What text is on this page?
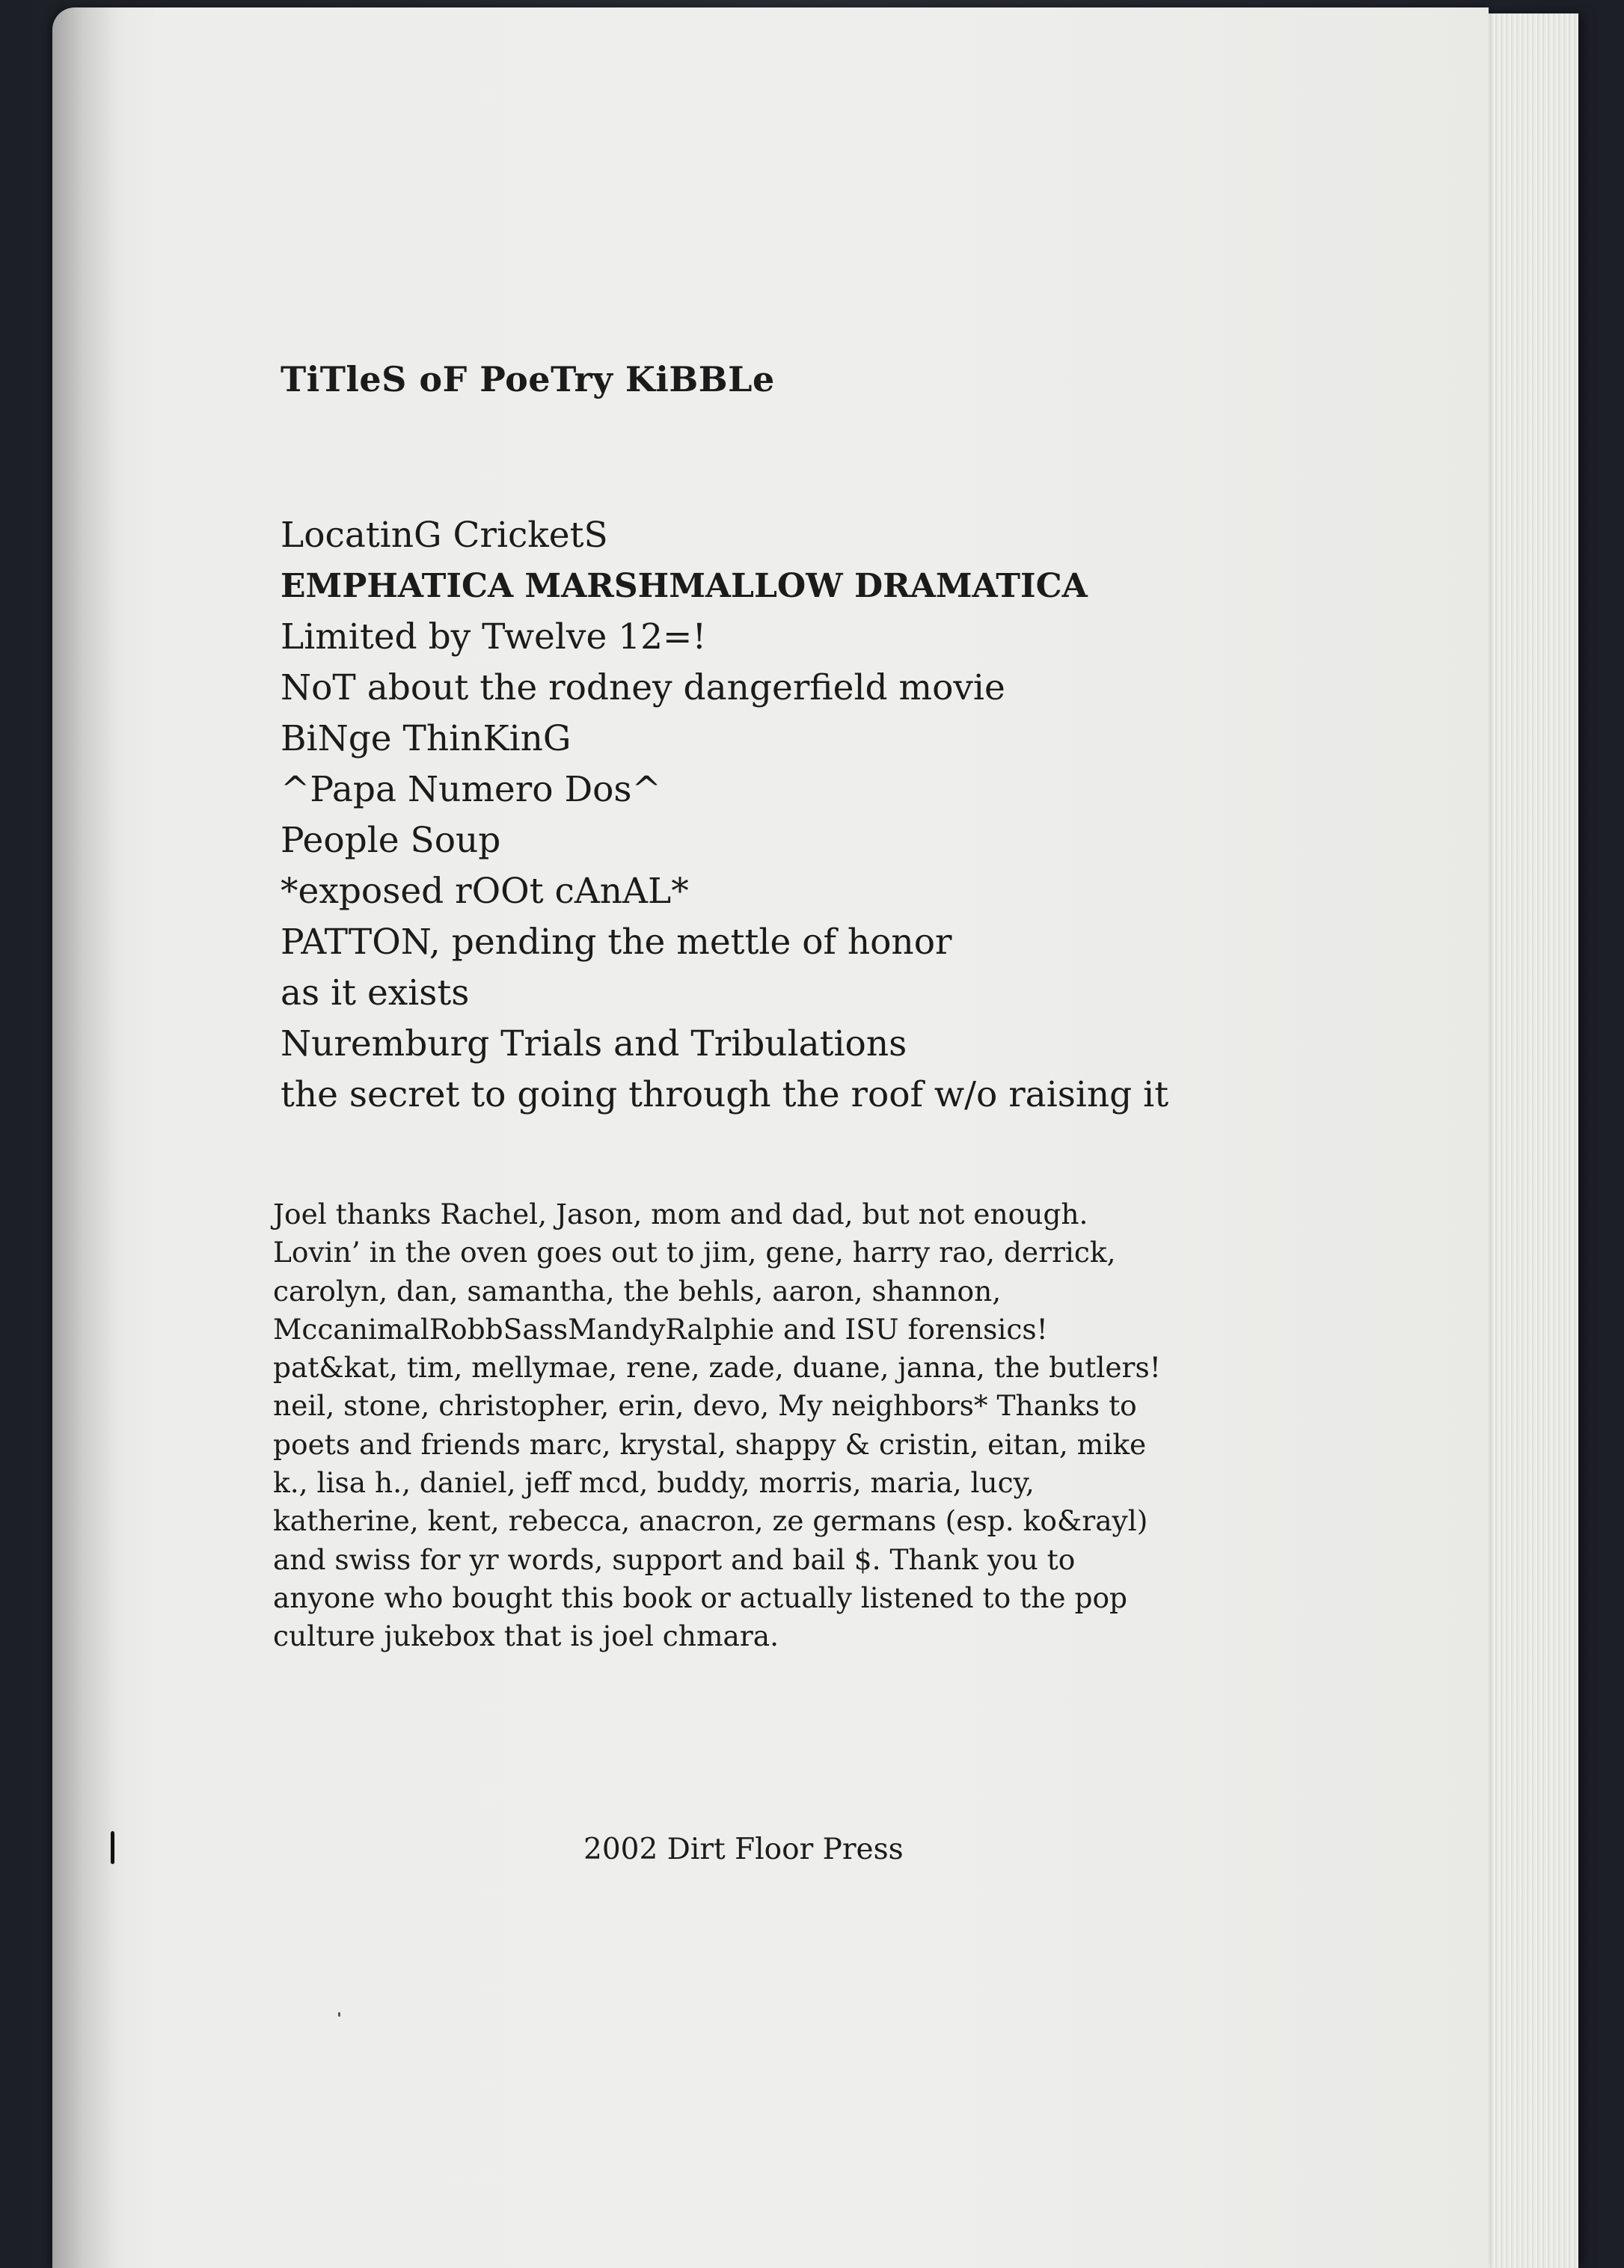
TiTleS oF PoeTry KiBBLe
LocatinG CricketS
EMPHATICA MARSHMALLOW DRAMATICA
Limited by Twelve 12=!
NoT about the rodney dangerfield movie
BiNge ThinKinG
^Papa Numero Dos^
People Soup
*exposed rOOt cAnAL*
PATTON, pending the mettle of honor
as it exists
Nuremburg Trials and Tribulations
the secret to going through the roof w/o raising it

Joel thanks Rachel, Jason, mom and dad, but not enough.
Lovin’ in the oven goes out to jim, gene, harry rao, derrick,
carolyn, dan, samantha, the behls, aaron, shannon,
MccanimalRobbSassMandyRalphie and ISU forensics!
pat&kat, tim, mellymae, rene, zade, duane, janna, the butlers!
neil, stone, christopher, erin, devo, My neighbors* Thanks to
poets and friends marc, krystal, shappy & cristin, eitan, mike
k., lisa h., daniel, jeff mcd, buddy, morris, maria, lucy,
katherine, kent, rebecca, anacron, ze germans (esp. ko&rayl)
and swiss for yr words, support and bail $. Thank you to
anyone who bought this book or actually listened to the pop
culture jukebox that is joel chmara.

2002 Dirt Floor Press
